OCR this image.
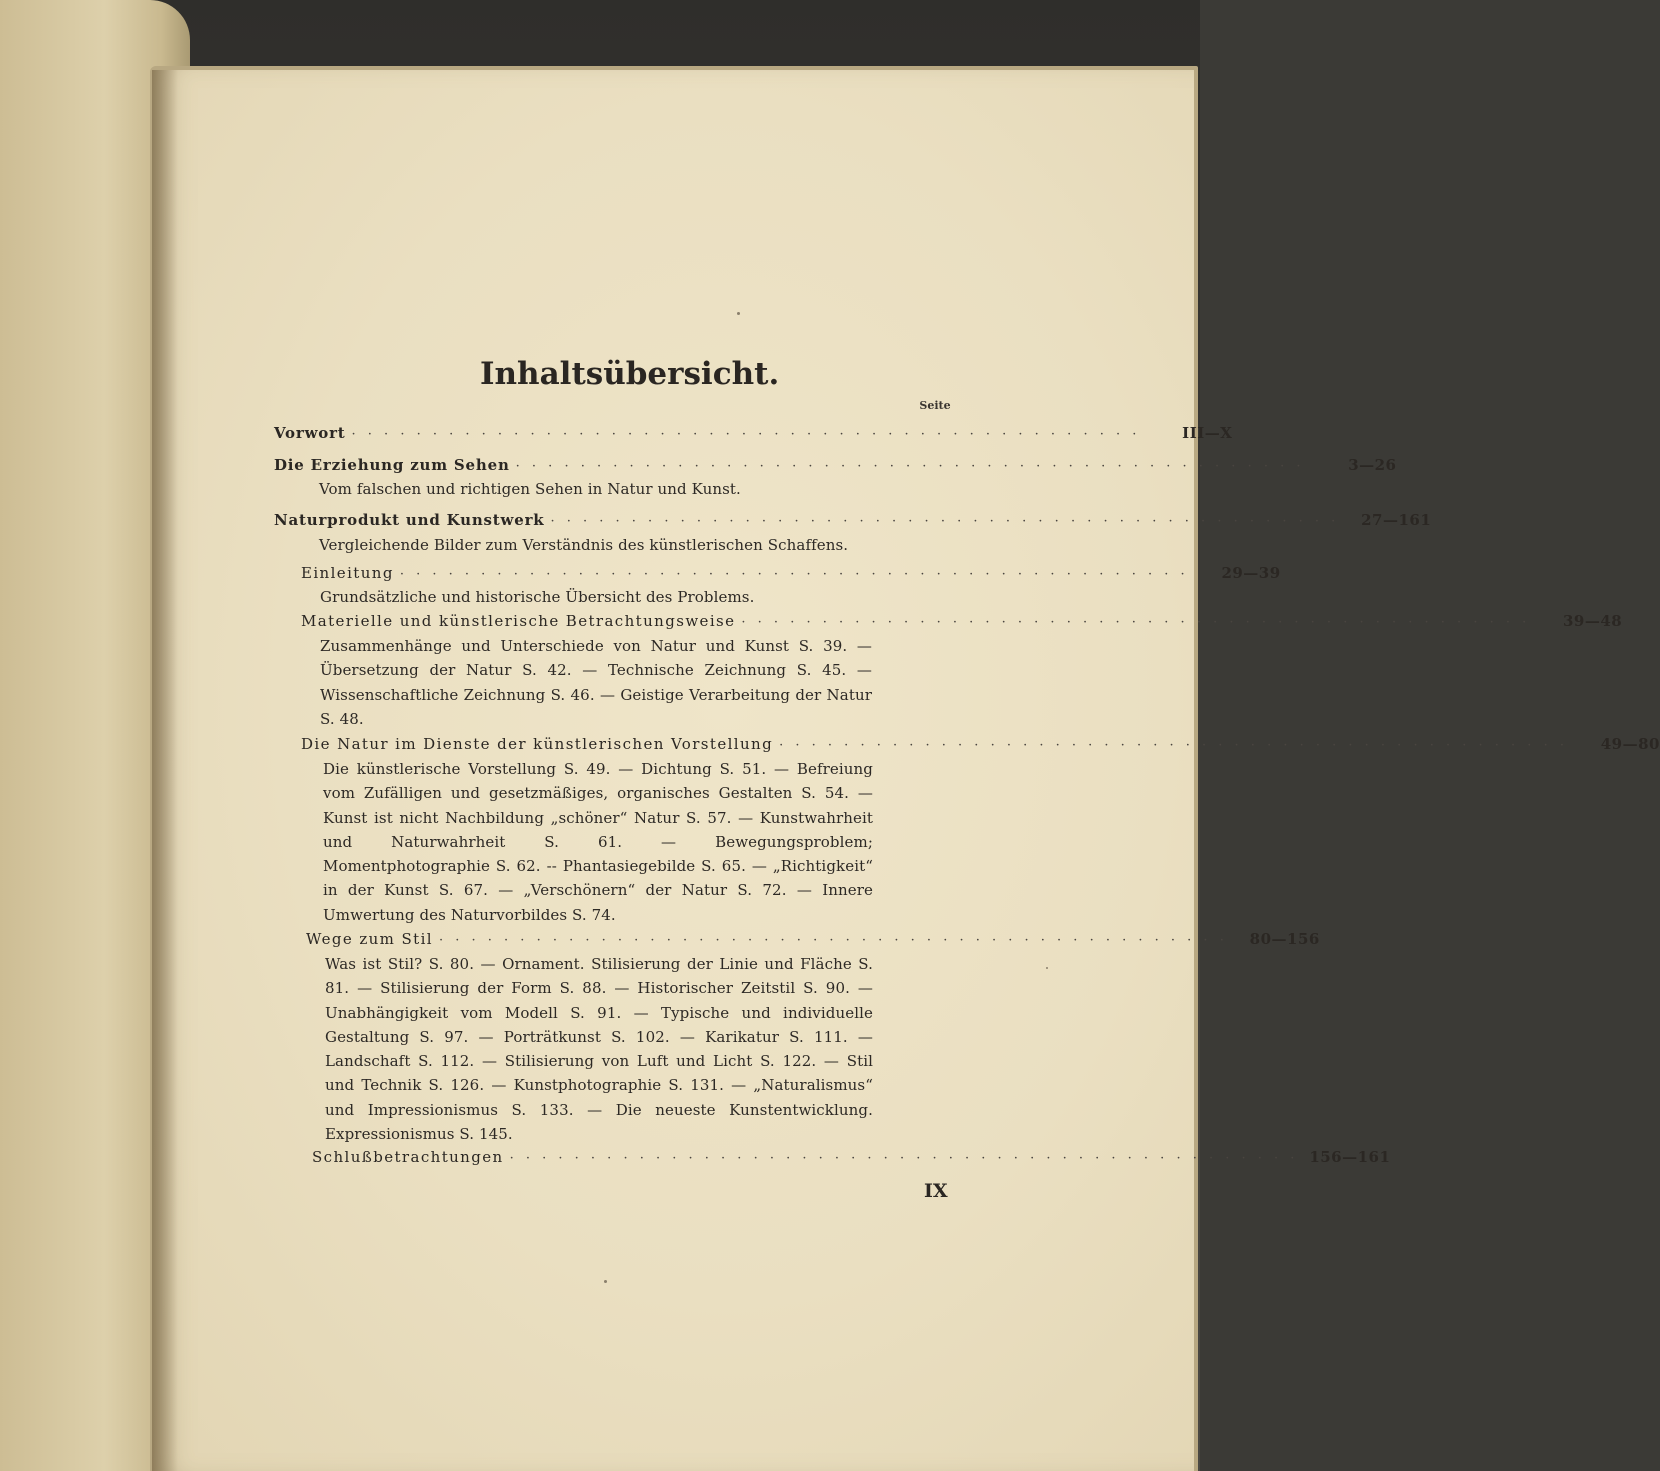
Inhaltsübersicht.
Seite
Vorwort · · · · · · · · · · · · · · · · · · · · · · · · · · · · · · · · · · · · · · · · · · · · · · · · ·	III—X
Die Erziehung zum Sehen · · · · · · · · · · · · · · · · · · · · · · · · · · · · · · · · · · · · · · · · · · · · · · · · ·	3—26
Vom falschen und richtigen Sehen in Natur und Kunst.
Naturprodukt und Kunstwerk · · · · · · · · · · · · · · · · · · · · · · · · · · · · · · · · · · · · · · · · · · · · · · · · ·	27—161
Vergleichende Bilder zum Verständnis des künstlerischen Schaffens.
Einleitung · · · · · · · · · · · · · · · · · · · · · · · · · · · · · · · · · · · · · · · · · · · · · · · · ·	29—39
Grundsätzliche und historische Übersicht des Problems.
Materielle und künstlerische Betrachtungsweise · · · · · · · · · · · · · · · · · · · · · · · · · · · · · · · · · · · · · · · · · · · · · · · · ·	39—48
Zusammenhänge und Unterschiede von Natur und Kunst S. 39. — Übersetzung der Natur S. 42. — Technische Zeichnung S. 45. — Wissenschaftliche Zeichnung S. 46. — Geistige Verarbeitung der Natur S. 48.
Die Natur im Dienste der künstlerischen Vorstellung · · · · · · · · · · · · · · · · · · · · · · · · · · · · · · · · · · · · · · · · · · · · · · · · ·	49—80
Die künstlerische Vorstellung S. 49. — Dichtung S. 51. — Befreiung vom Zufälligen und gesetzmäßiges, organisches Gestalten S. 54. — Kunst ist nicht Nachbildung „schöner“ Natur S. 57. — Kunstwahrheit und Naturwahrheit S. 61. — Bewegungsproblem; Momentphotographie S. 62. -- Phantasiegebilde S. 65. — „Richtigkeit“ in der Kunst S. 67. — „Verschönern“ der Natur S. 72. — Innere Umwertung des Naturvorbildes S. 74.
Wege zum Stil · · · · · · · · · · · · · · · · · · · · · · · · · · · · · · · · · · · · · · · · · · · · · · · · ·	80—156
Was ist Stil? S. 80. — Ornament. Stilisierung der Linie und Fläche S. 81. — Stilisierung der Form S. 88. — Historischer Zeitstil S. 90. — Unabhängigkeit vom Modell S. 91. — Typische und individuelle Gestaltung S. 97. — Porträtkunst S. 102. — Karikatur S. 111. — Landschaft S. 112. — Stilisierung von Luft und Licht S. 122. — Stil und Technik S. 126. — Kunstphotographie S. 131. — „Naturalismus“ und Impressionismus S. 133. — Die neueste Kunstentwicklung. Expressionismus S. 145.
Schlußbetrachtungen · · · · · · · · · · · · · · · · · · · · · · · · · · · · · · · · · · · · · · · · · · · · · · · · · 156—161
IX
